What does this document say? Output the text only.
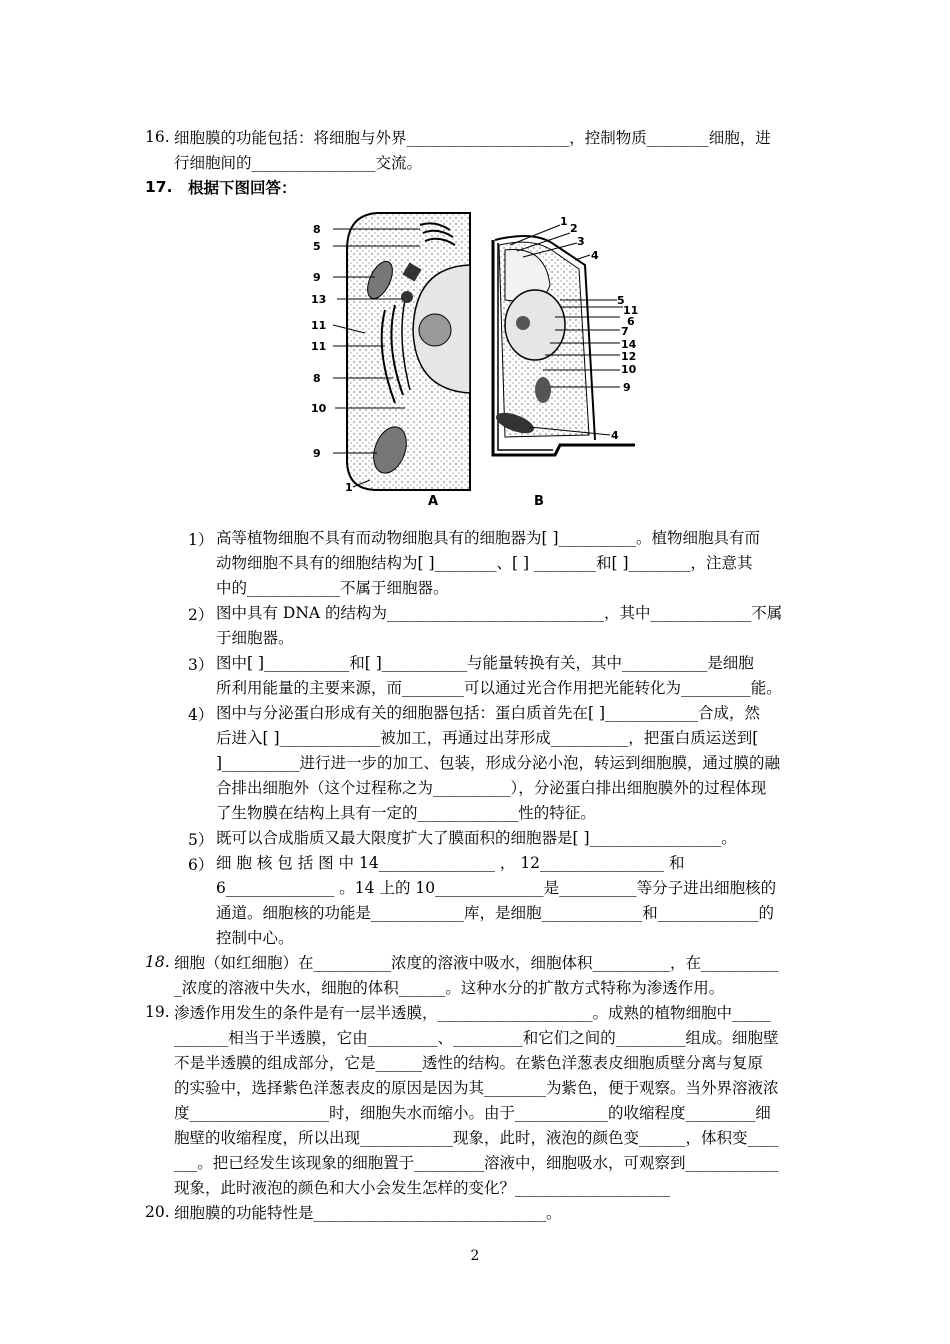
16. 细胞膜的功能包括：将细胞与外界_____________________，控制物质________细胞，进
行细胞间的________________交流。
17. 根据下图回答：
8
5
9
13
11
11
8
10
9
1
1
2
3
4
5
11
6
7
14
12
10
9
4
A	B
1） 高等植物细胞不具有而动物细胞具有的细胞器为[ ]__________。植物细胞具有而
动物细胞不具有的细胞结构为[ ]________、[ ] ________和[ ]________，注意其
中的____________不属于细胞器。
2） 图中具有 DNA 的结构为____________________________，其中_____________不属
于细胞器。
3） 图中[ ]___________和[ ]___________与能量转换有关，其中___________是细胞
所利用能量的主要来源，而________可以通过光合作用把光能转化为_________能。
4） 图中与分泌蛋白形成有关的细胞器包括：蛋白质首先在[ ]____________合成，然
后进入[ ]_____________被加工，再通过出芽形成__________，把蛋白质运送到[
]__________进行进一步的加工、包装，形成分泌小泡，转运到细胞膜，通过膜的融
合排出细胞外（这个过程称之为__________），分泌蛋白排出细胞膜外的过程体现
了生物膜在结构上具有一定的_____________性的特征。
5） 既可以合成脂质又最大限度扩大了膜面积的细胞器是[ ]_________________。
6） 细 胞 核 包 括 图 中 14_______________ ， 12________________ 和
6______________ 。14 上的 10______________是__________等分子进出细胞核的
通道。细胞核的功能是____________库，是细胞_____________和_____________的
控制中心。
18. 细胞（如红细胞）在__________浓度的溶液中吸水，细胞体积__________，在__________
_浓度的溶液中失水，细胞的体积______。这种水分的扩散方式特称为渗透作用。
19. 渗透作用发生的条件是有一层半透膜，____________________。成熟的植物细胞中_____
_______相当于半透膜，它由_________、_________和它们之间的_________组成。细胞壁
不是半透膜的组成部分，它是______透性的结构。在紫色洋葱表皮细胞质壁分离与复原
的实验中，选择紫色洋葱表皮的原因是因为其________为紫色，便于观察。当外界溶液浓
度__________________时，细胞失水而缩小。由于____________的收缩程度_________细
胞壁的收缩程度，所以出现____________现象，此时，液泡的颜色变______，体积变____
___。把已经发生该现象的细胞置于_________溶液中，细胞吸水，可观察到____________
现象，此时液泡的颜色和大小会发生怎样的变化？____________________
20. 细胞膜的功能特性是______________________________。
2
